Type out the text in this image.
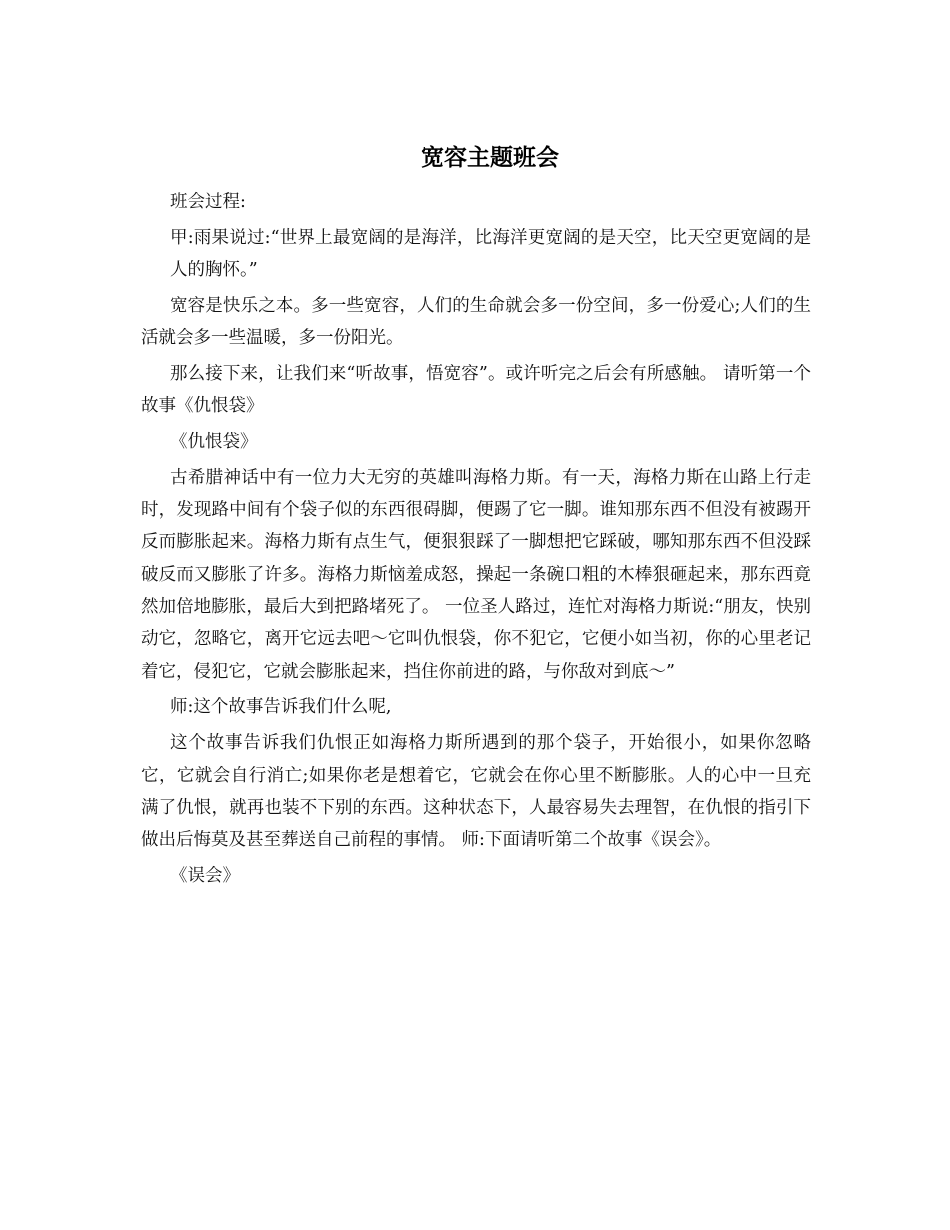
宽容主题班会

班会过程:

甲:雨果说过:“世界上最宽阔的是海洋，比海洋更宽阔的是天空，比天空更宽阔的是人的胸怀。”

宽容是快乐之本。多一些宽容，人们的生命就会多一份空间，多一份爱心;人们的生活就会多一些温暖，多一份阳光。

那么接下来，让我们来“听故事，悟宽容”。或许听完之后会有所感触。 请听第一个故事《仇恨袋》

《仇恨袋》

古希腊神话中有一位力大无穷的英雄叫海格力斯。有一天，海格力斯在山路上行走时，发现路中间有个袋子似的东西很碍脚，便踢了它一脚。谁知那东西不但没有被踢开反而膨胀起来。海格力斯有点生气，便狠狠踩了一脚想把它踩破，哪知那东西不但没踩破反而又膨胀了许多。海格力斯恼羞成怒，操起一条碗口粗的木棒狠砸起来，那东西竟然加倍地膨胀，最后大到把路堵死了。 一位圣人路过，连忙对海格力斯说:“朋友，快别动它，忽略它，离开它远去吧～它叫仇恨袋，你不犯它，它便小如当初，你的心里老记着它，侵犯它，它就会膨胀起来，挡住你前进的路，与你敌对到底～”

师:这个故事告诉我们什么呢,

这个故事告诉我们仇恨正如海格力斯所遇到的那个袋子，开始很小，如果你忽略它，它就会自行消亡;如果你老是想着它，它就会在你心里不断膨胀。人的心中一旦充满了仇恨，就再也装不下别的东西。这种状态下，人最容易失去理智，在仇恨的指引下做出后悔莫及甚至葬送自己前程的事情。 师:下面请听第二个故事《误会》。

《误会》
